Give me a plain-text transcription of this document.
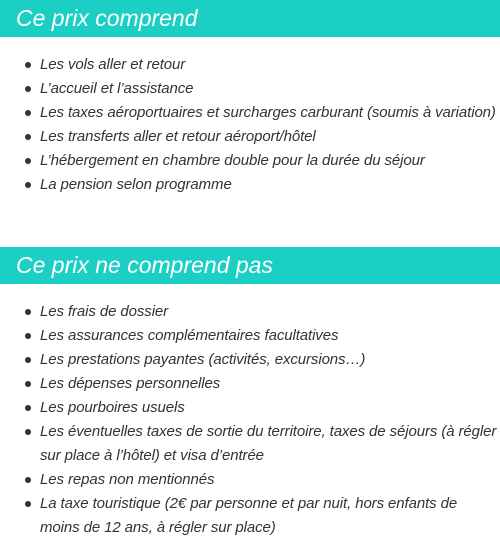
Ce prix comprend
Les vols aller et retour
L’accueil et l’assistance
Les taxes aéroportuaires et surcharges carburant (soumis à variation)
Les transferts aller et retour aéroport/hôtel
L’hébergement en chambre double pour la durée du séjour
La pension selon programme
Ce prix ne comprend pas
Les frais de dossier
Les assurances complémentaires facultatives
Les prestations payantes (activités, excursions…)
Les dépenses personnelles
Les pourboires usuels
Les éventuelles taxes de sortie du territoire, taxes de séjours (à régler sur place à l’hôtel) et visa d’entrée
Les repas non mentionnés
La taxe touristique (2€ par personne et par nuit, hors enfants de moins de 12 ans, à régler sur place)
